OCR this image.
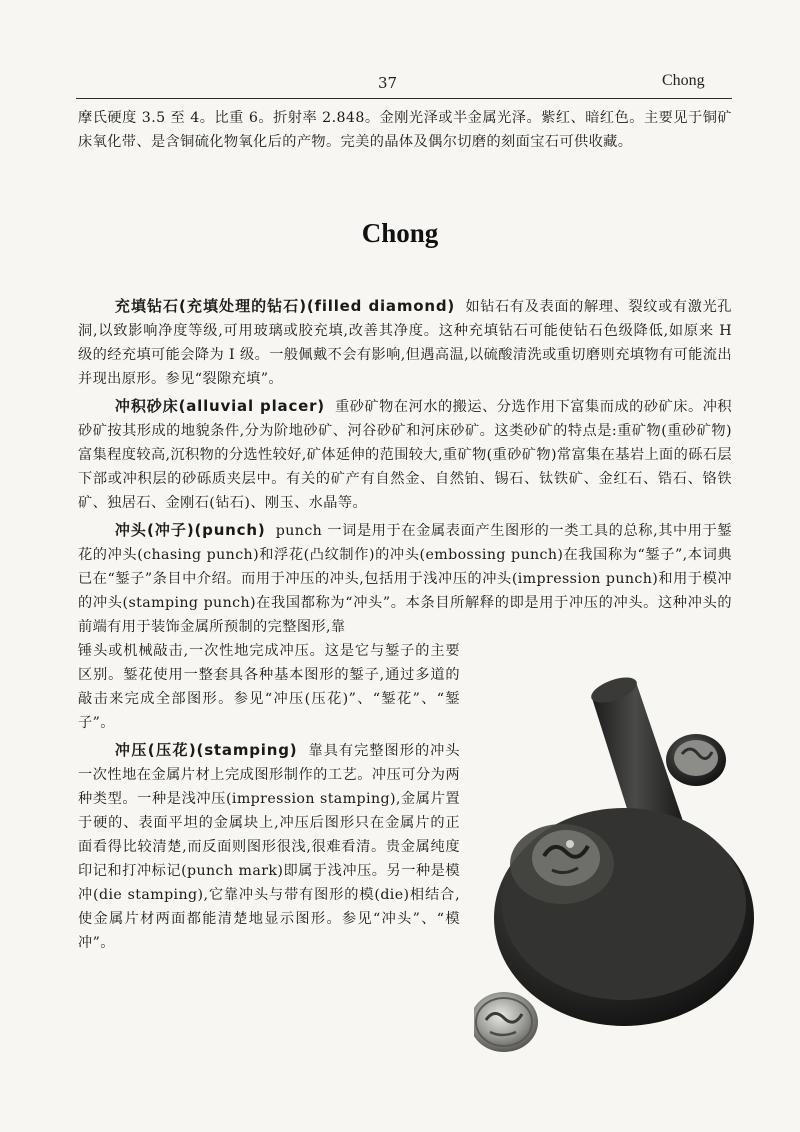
37	Chong

摩氏硬度 3.5 至 4。比重 6。折射率 2.848。金刚光泽或半金属光泽。紫红、暗红色。主要见于铜矿床氧化带、是含铜硫化物氧化后的产物。完美的晶体及偶尔切磨的刻面宝石可供收藏。

Chong

充填钻石(充填处理的钻石)(filled diamond) 如钻石有及表面的解理、裂纹或有激光孔洞,以致影响净度等级,可用玻璃或胶充填,改善其净度。这种充填钻石可能使钻石色级降低,如原来 H 级的经充填可能会降为 I 级。一般佩戴不会有影响,但遇高温,以硫酸清洗或重切磨则充填物有可能流出并现出原形。参见“裂隙充填”。

冲积砂床(alluvial placer) 重砂矿物在河水的搬运、分选作用下富集而成的砂矿床。冲积砂矿按其形成的地貌条件,分为阶地砂矿、河谷砂矿和河床砂矿。这类砂矿的特点是:重矿物(重砂矿物)富集程度较高,沉积物的分选性较好,矿体延伸的范围较大,重矿物(重砂矿物)常富集在基岩上面的砾石层下部或冲积层的砂砾质夹层中。有关的矿产有自然金、自然铂、锡石、钛铁矿、金红石、锆石、铬铁矿、独居石、金刚石(钻石)、刚玉、水晶等。

冲头(冲子)(punch) punch 一词是用于在金属表面产生图形的一类工具的总称,其中用于錾花的冲头(chasing punch)和浮花(凸纹制作)的冲头(embossing punch)在我国称为“錾子”,本词典已在“錾子”条目中介绍。而用于冲压的冲头,包括用于浅冲压的冲头(impression punch)和用于模冲的冲头(stamping punch)在我国都称为“冲头”。本条目所解释的即是用于冲压的冲头。这种冲头的前端有用于装饰金属所预制的完整图形,靠

锤头或机械敲击,一次性地完成冲压。这是它与錾子的主要区别。錾花使用一整套具各种基本图形的錾子,通过多道的敲击来完成全部图形。参见“冲压(压花)”、“錾花”、“錾子”。

冲压(压花)(stamping) 靠具有完整图形的冲头一次性地在金属片材上完成图形制作的工艺。冲压可分为两种类型。一种是浅冲压(impression stamping),金属片置于硬的、表面平坦的金属块上,冲压后图形只在金属片的正面看得比较清楚,而反面则图形很浅,很难看清。贵金属纯度印记和打冲标记(punch mark)即属于浅冲压。另一种是模冲(die stamping),它靠冲头与带有图形的模(die)相结合,使金属片材两面都能清楚地显示图形。参见“冲头”、“模冲”。
